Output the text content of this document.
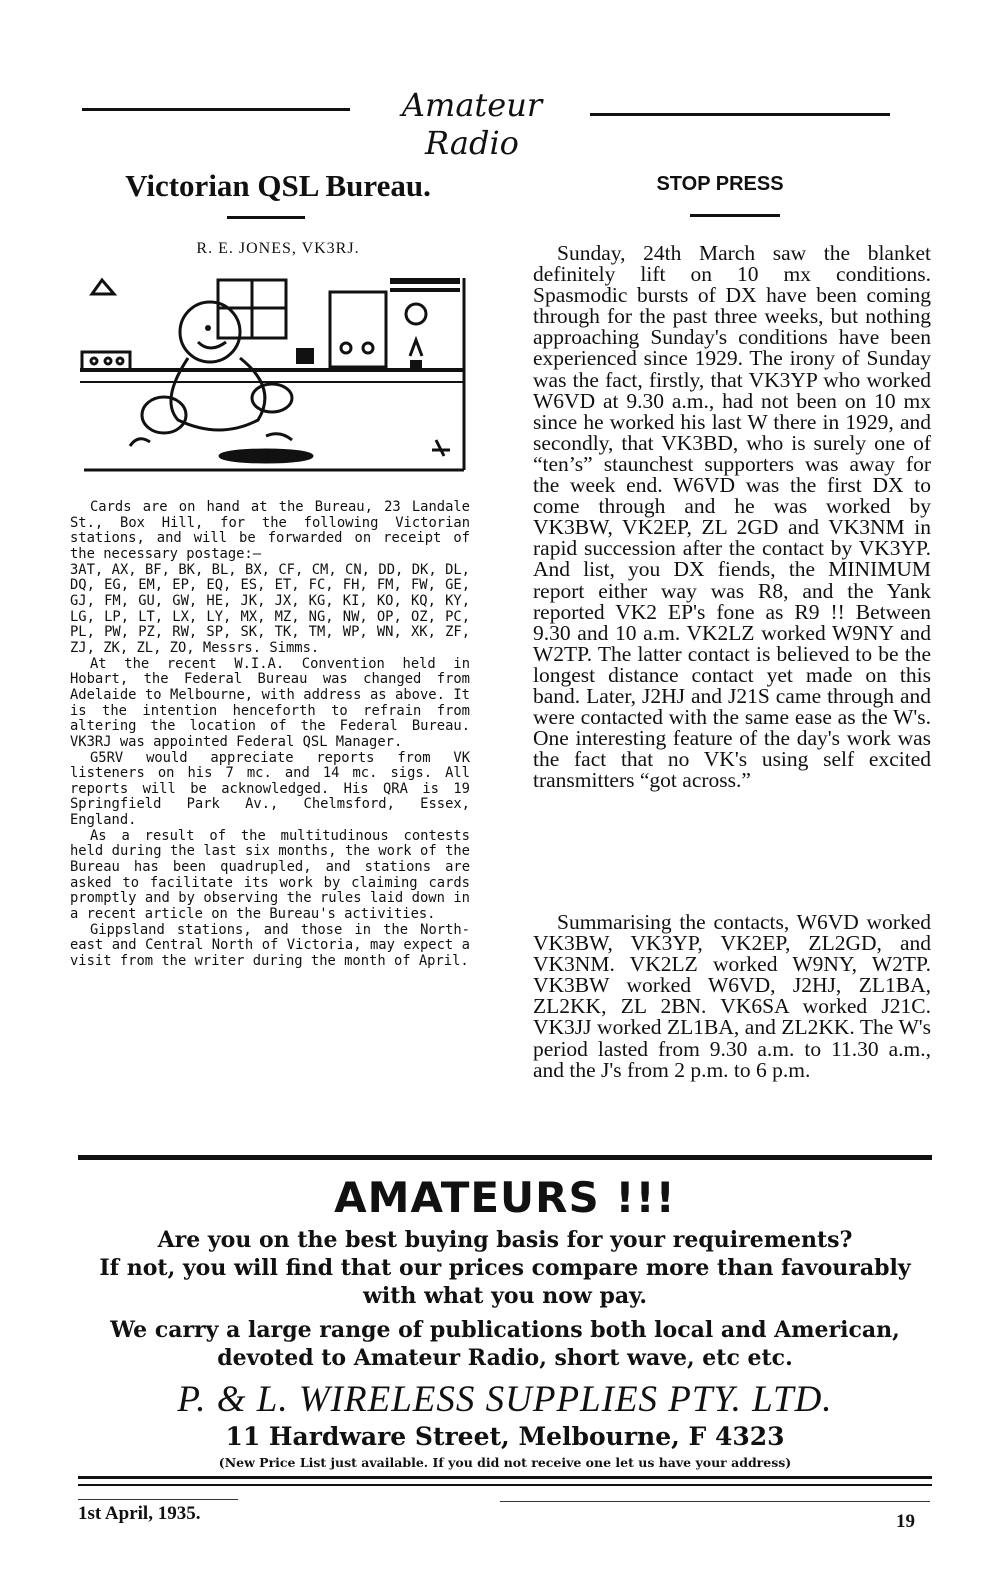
Amateur Radio
Victorian QSL Bureau.
R. E. JONES, VK3RJ.

Cards are on hand at the Bureau, 23 Landale St., Box Hill, for the following Victorian stations, and will be forwarded on receipt of the necessary postage:—

3AT, AX, BF, BK, BL, BX, CF, CM, CN, DD, DK, DL, DQ, EG, EM, EP, EQ, ES, ET, FC, FH, FM, FW, GE, GJ, FM, GU, GW, HE, JK, JX, KG, KI, KO, KQ, KY, LG, LP, LT, LX, LY, MX, MZ, NG, NW, OP, OZ, PC, PL, PW, PZ, RW, SP, SK, TK, TM, WP, WN, XK, ZF, ZJ, ZK, ZL, ZO, Messrs. Simms.

At the recent W.I.A. Convention held in Hobart, the Federal Bureau was changed from Adelaide to Melbourne, with address as above. It is the intention henceforth to refrain from altering the location of the Federal Bureau. VK3RJ was appointed Federal QSL Manager.

G5RV would appreciate reports from VK listeners on his 7 mc. and 14 mc. sigs. All reports will be acknowledged. His QRA is 19 Springfield Park Av., Chelmsford, Essex, England.

As a result of the multitudinous contests held during the last six months, the work of the Bureau has been quadrupled, and stations are asked to facilitate its work by claiming cards promptly and by observing the rules laid down in a recent article on the Bureau's activities.

Gippsland stations, and those in the North-east and Central North of Victoria, may expect a visit from the writer during the month of April.

STOP PRESS

Sunday, 24th March saw the blanket definitely lift on 10 mx conditions. Spasmodic bursts of DX have been coming through for the past three weeks, but nothing approaching Sunday's conditions have been experienced since 1929. The irony of Sunday was the fact, firstly, that VK3YP who worked W6VD at 9.30 a.m., had not been on 10 mx since he worked his last W there in 1929, and secondly, that VK3BD, who is surely one of “ten’s” staunchest supporters was away for the week end. W6VD was the first DX to come through and he was worked by VK3BW, VK2EP, ZL 2GD and VK3NM in rapid succession after the contact by VK3YP. And list, you DX fiends, the MINIMUM report either way was R8, and the Yank reported VK2 EP's fone as R9 !! Between 9.30 and 10 a.m. VK2LZ worked W9NY and W2TP. The latter contact is believed to be the longest distance contact yet made on this band. Later, J2HJ and J21S came through and were contacted with the same ease as the W's. One interesting feature of the day's work was the fact that no VK's using self excited transmitters “got across.”

Summarising the contacts, W6VD worked VK3BW, VK3YP, VK2EP, ZL2GD, and VK3NM. VK2LZ worked W9NY, W2TP. VK3BW worked W6VD, J2HJ, ZL1BA, ZL2KK, ZL 2BN. VK6SA worked J21C. VK3JJ worked ZL1BA, and ZL2KK. The W's period lasted from 9.30 a.m. to 11.30 a.m., and the J's from 2 p.m. to 6 p.m.

AMATEURS !!!
Are you on the best buying basis for your requirements?
If not, you will find that our prices compare more than favourably with what you now pay.
We carry a large range of publications both local and American, devoted to Amateur Radio, short wave, etc etc.
P. & L. WIRELESS SUPPLIES PTY. LTD.
11 Hardware Street, Melbourne, F 4323
(New Price List just available. If you did not receive one let us have your address)
1st April, 1935.	19
